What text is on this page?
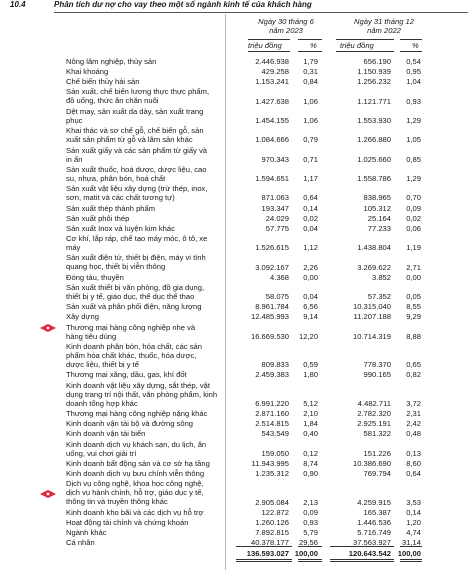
10.4	Phân tích dư nợ cho vay theo một số ngành kinh tế của khách hàng
Ngày 30 tháng 6
năm 2023
Ngày 31 tháng 12
năm 2022
triệu đồng	%	triệu đồng	%
Nông lâm nghiệp, thủy sản	2.446.938 1,79	656.190 0,54
Khai khoáng	429.258 0,31	1.150.939 0,95
Chế biến thủy hải sản	1.153.241 0,84	1.256.232 1,04
Sản xuất, chế biến lương thực thực phẩm,
đồ uống, thức ăn chăn nuôi	1.427.638 1,06	1.121.771 0,93
Dệt may, sản xuất da dày, sản xuất trang
phục	1.454.155 1,06	1.553.930 1,29
Khai thác và sơ chế gỗ, chế biến gỗ, sản
xuất sản phẩm từ gỗ và lâm sản khác	1.084.666 0,79	1.266.880 1,05
Sản xuất giấy và các sản phẩm từ giấy và
in ấn	970.343 0,71	1.025.660 0,85
Sản xuất thuốc, hoá dược, dược liệu, cao
su, nhựa, phân bón, hoá chất	1.594.651 1,17	1.558.786 1,29
Sản xuất vật liệu xây dựng (trừ thép, inox,
sơn, matit và các chất tương tự)	871.063 0,64	838.965 0,70
Sản xuất thép thành phẩm	193.347 0,14	105.312 0,09
Sản xuất phôi thép	24.029 0,02	25.164 0,02
Sản xuất Inox và luyện kim khác	57.775 0,04	77.233 0,06
Cơ khí, lắp ráp, chế tạo máy móc, ô tô, xe
máy	1.526.615 1,12	1.438.804 1,19
Sản xuất điện tử, thiết bị điện, máy vi tính
quang học, thiết bị viễn thông	3.092.167 2,26	3.269.622 2,71
Đóng tàu, thuyền	4.368 0,00	3.852 0,00
Sản xuất thiết bị văn phòng, đồ gia dụng,
thiết bị y tế, giáo dục, thể dục thể thao	58.075 0,04	57.352 0,05
Sản xuất và phân phối điện, năng lượng	8.961.784 6,56	10.315.040 8,55
Xây dựng	12.485.993 9,14	11.207.188 9,29
Thương mại hàng công nghiệp nhẹ và
hàng tiêu dùng	16.669.530 12,20	10.714.319 8,88
Kinh doanh phân bón, hóa chất, các sản
phẩm hóa chất khác, thuốc, hóa dược,
dược liệu, thiết bị y tế	809.833 0,59	778.370 0,65
Thương mại xăng, dầu, gas, khí đốt	2.459.383 1,80	990.165 0,82
Kinh doanh vật liệu xây dựng, sắt thép, vật
dụng trang trí nội thất, văn phòng phẩm, kinh
doanh tổng hợp khác	6.991.220 5,12	4.482.711 3,72
Thương mại hàng công nghiệp nặng khác	2.871.160 2,10	2.782.320 2,31
Kinh doanh vận tải bộ và đường sông	2.514.815 1,84	2.925.191 2,42
Kinh doanh vận tải biển	543.549 0,40	581.322 0,48
Kinh doanh dịch vụ khách sạn, du lịch, ăn
uống, vui chơi giải trí	159.050 0,12	151.226 0,13
Kinh doanh bất động sản và cơ sở hạ tầng	11.943.995 8,74	10.386.690 8,60
Kinh doanh dịch vụ bưu chính viễn thông	1.235.312 0,90	769.794 0,64
Dịch vụ công nghệ, khoa học công nghệ,
dịch vụ hành chính, hỗ trợ, giáo dục y tế,
thông tin và truyền thông khác	2.905.084 2,13	4.259.915 3,53
Kinh doanh kho bãi và các dịch vụ hỗ trợ	122.872 0,09	165.387 0,14
Hoạt động tài chính và chứng khoán	1.260.126 0,93	1.446.536 1,20
Ngành khác	7.892.815 5,79	5.716.749 4,74
Cá nhân	40.378.177 29,56	37.563.927 31,14
136.593.027 100,00	120.643.542 100,00
